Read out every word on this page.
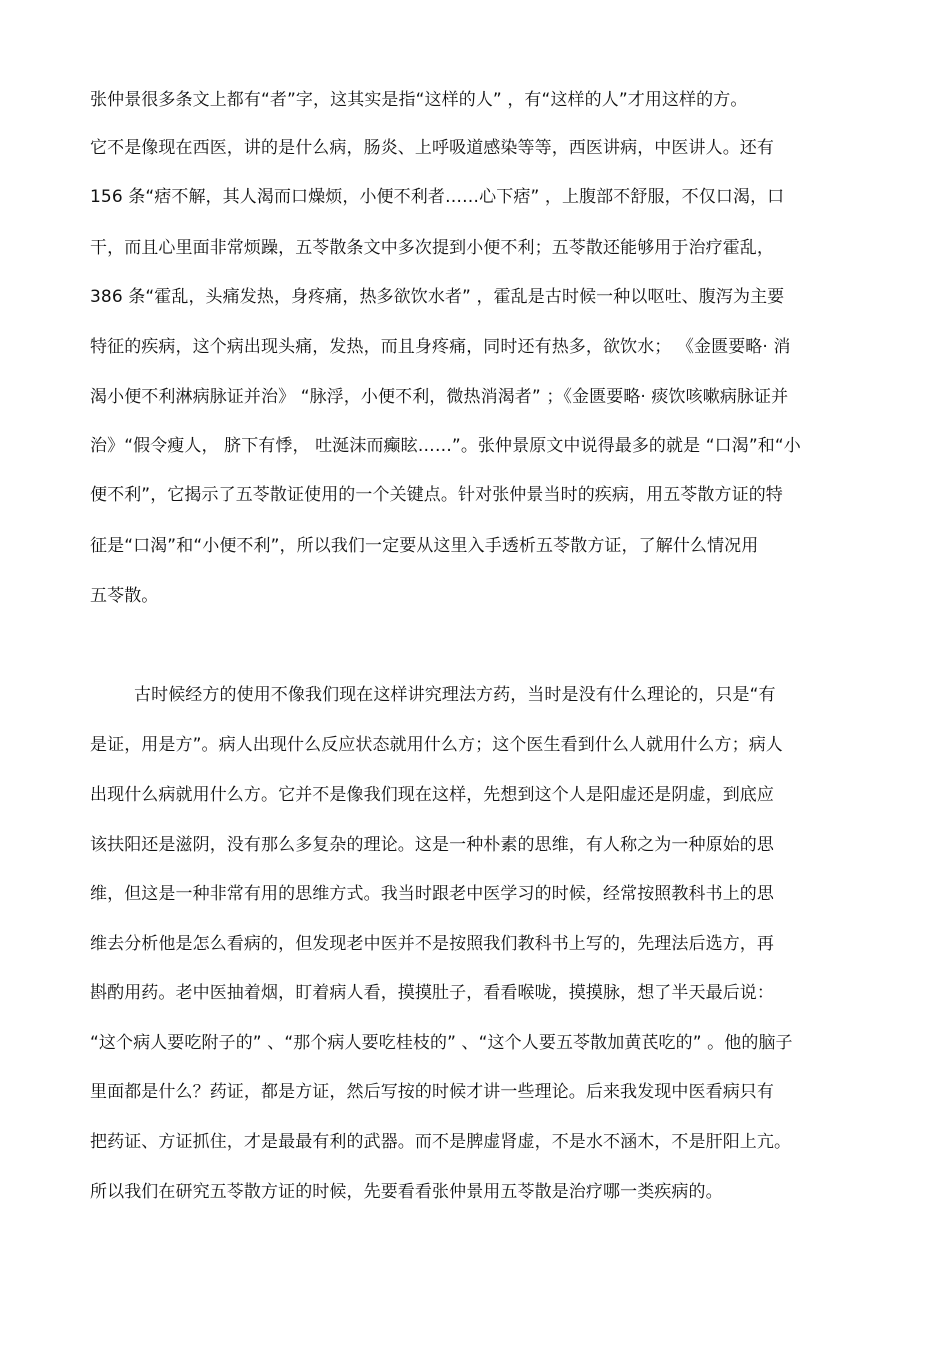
张仲景很多条文上都有“者”字，这其实是指“这样的人” ，有“这样的人”才用这样的方。
它不是像现在西医，讲的是什么病，肠炎、上呼吸道感染等等，西医讲病，中医讲人。还有
156 条“痞不解，其人渴而口燥烦，小便不利者……心下痞” ，上腹部不舒服，不仅口渴，口
干，而且心里面非常烦躁，五苓散条文中多次提到小便不利；五苓散还能够用于治疗霍乱，
386 条“霍乱，头痛发热，身疼痛，热多欲饮水者” ，霍乱是古时候一种以呕吐、腹泻为主要
特征的疾病，这个病出现头痛，发热，而且身疼痛，同时还有热多，欲饮水； 《金匮要略· 消
渴小便不利淋病脉证并治》 “脉浮，小便不利，微热消渴者” ；《金匮要略· 痰饮咳嗽病脉证并
治》“假令瘦人， 脐下有悸， 吐涎沫而癫眩……”。张仲景原文中说得最多的就是 “口渴”和“小
便不利”，它揭示了五苓散证使用的一个关键点。针对张仲景当时的疾病，用五苓散方证的特
征是“口渴”和“小便不利”，所以我们一定要从这里入手透析五苓散方证，了解什么情况用
五苓散。
古时候经方的使用不像我们现在这样讲究理法方药，当时是没有什么理论的，只是“有
是证，用是方”。病人出现什么反应状态就用什么方；这个医生看到什么人就用什么方；病人
出现什么病就用什么方。它并不是像我们现在这样，先想到这个人是阳虚还是阴虚，到底应
该扶阳还是滋阴，没有那么多复杂的理论。这是一种朴素的思维，有人称之为一种原始的思
维，但这是一种非常有用的思维方式。我当时跟老中医学习的时候，经常按照教科书上的思
维去分析他是怎么看病的，但发现老中医并不是按照我们教科书上写的，先理法后选方，再
斟酌用药。老中医抽着烟，盯着病人看，摸摸肚子，看看喉咙，摸摸脉，想了半天最后说：
“这个病人要吃附子的” 、“那个病人要吃桂枝的” 、“这个人要五苓散加黄芪吃的” 。他的脑子
里面都是什么？药证，都是方证，然后写按的时候才讲一些理论。后来我发现中医看病只有
把药证、方证抓住，才是最最有利的武器。而不是脾虚肾虚，不是水不涵木，不是肝阳上亢。
所以我们在研究五苓散方证的时候，先要看看张仲景用五苓散是治疗哪一类疾病的。
